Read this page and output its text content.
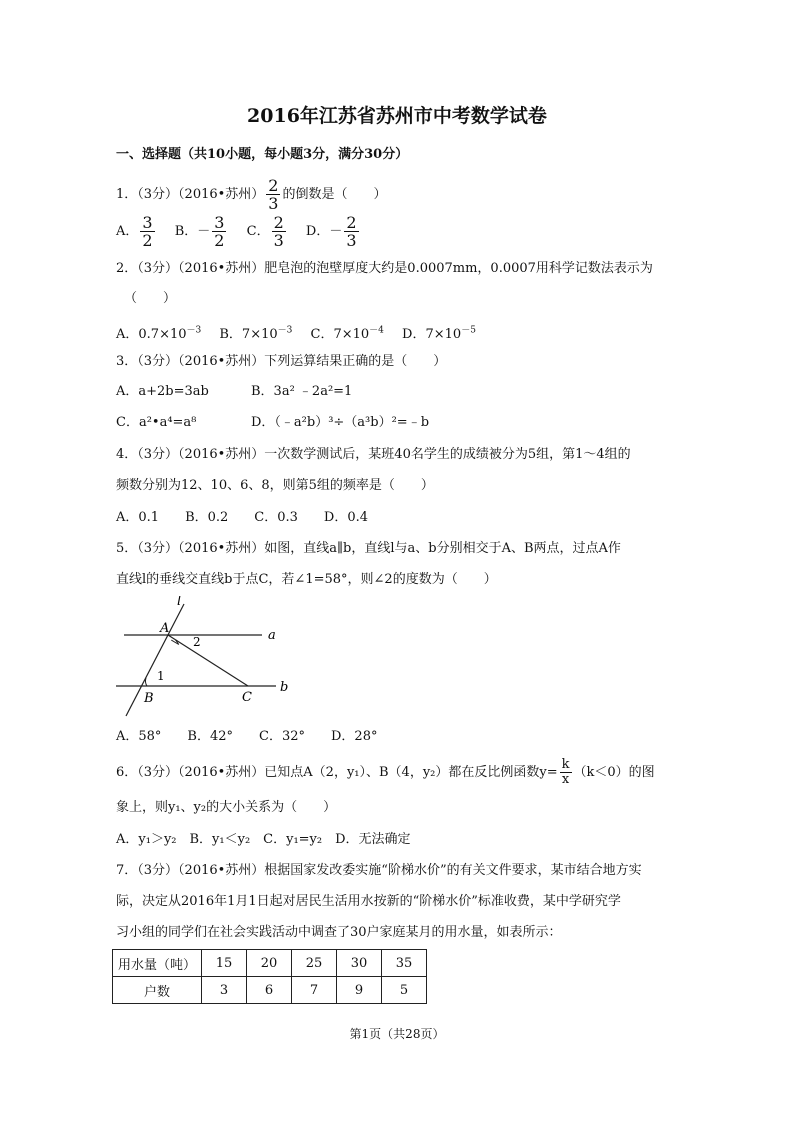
2016年江苏省苏州市中考数学试卷
一、选择题（共10小题，每小题3分，满分30分）
1．（3分）（2016•苏州） $\frac{2}{3}$ 的倒数是（　　）
A． $\frac{3}{2}$ B．－ $\frac{3}{2}$ C． $\frac{2}{3}$ D．－ $\frac{2}{3}$
2．（3分）（2016•苏州）肥皂泡的泡壁厚度大约是0.0007mm，0.0007用科学记数法表示为
（　　）
A．$0.7\times 10^{-3}$ B．$7\times 10^{-3}$ C．$7\times 10^{-4}$ D．$7\times 10^{-5}$
3．（3分）（2016•苏州）下列运算结果正确的是（　　）
A．a+2b=3ab	B．3a² ﹣2a²=1
C．a²•a⁴=a⁸	D．（﹣a²b）³÷（a³b）²=﹣b
4．（3分）（2016•苏州）一次数学测试后，某班40名学生的成绩被分为5组，第1～4组的
频数分别为12、10、6、8，则第5组的频率是（　　）
A．0.1　　B．0.2　　C．0.3　　D．0.4
5．（3分）（2016•苏州）如图，直线a∥b，直线l与a、b分别相交于A、B两点，过点A作
直线l的垂线交直线b于点C，若∠1=58°，则∠2的度数为（　　）
l
a
b
A
B	C
1
2
A．58°　　B．42°　　C．32°　　D．28°
6．（3分）（2016•苏州）已知点A（2，y₁）、B（4，y₂）都在反比例函数$y= \frac{k}{x} (k<0)$的图
象上，则y₁、y₂的大小关系为（　　）
A．y₁＞y₂　B．y₁＜y₂　C．y₁=y₂　D．无法确定
7．（3分）（2016•苏州）根据国家发改委实施“阶梯水价”的有关文件要求，某市结合地方实
际，决定从2016年1月1日起对居民生活用水按新的“阶梯水价”标准收费，某中学研究学
习小组的同学们在社会实践活动中调查了30户家庭某月的用水量，如表所示：
用水量（吨）	15	20	25	30	35
户数	3	6	7	9	5
第1页（共28页）
